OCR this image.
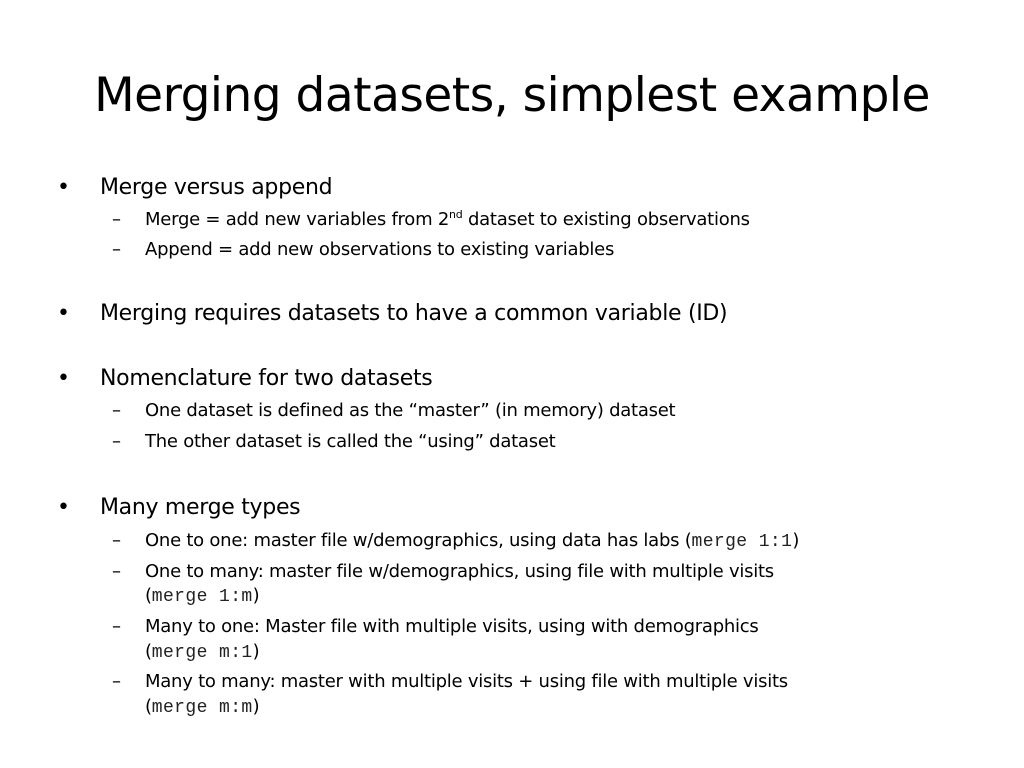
Merging datasets, simplest example
• Merge versus append
– Merge = add new variables from 2nd dataset to existing observations
– Append = add new observations to existing variables
• Merging requires datasets to have a common variable (ID)
• Nomenclature for two datasets
– One dataset is defined as the “master” (in memory) dataset
– The other dataset is called the “using” dataset
• Many merge types
– One to one: master file w/demographics, using data has labs (merge 1:1)
– One to many: master file w/demographics, using file with multiple visits
(merge 1:m)
– Many to one: Master file with multiple visits, using with demographics
(merge m:1)
– Many to many: master with multiple visits + using file with multiple visits
(merge m:m)
